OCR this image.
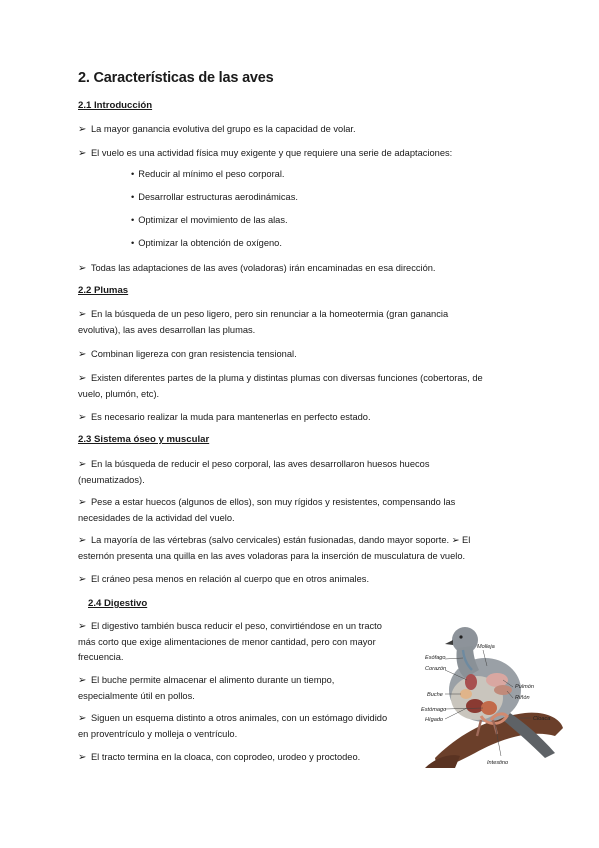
2. Características de las aves
2.1 Introducción
➢ La mayor ganancia evolutiva del grupo es la capacidad de volar.
➢ El vuelo es una actividad física muy exigente y que requiere una serie de adaptaciones:
• Reducir al mínimo el peso corporal.
• Desarrollar estructuras aerodinámicas.
• Optimizar el movimiento de las alas.
• Optimizar la obtención de oxígeno.
➢ Todas las adaptaciones de las aves (voladoras) irán encaminadas en esa dirección.
2.2 Plumas
➢ En la búsqueda de un peso ligero, pero sin renunciar a la homeotermia (gran ganancia
evolutiva), las aves desarrollan las plumas.
➢ Combinan ligereza con gran resistencia tensional.
➢ Existen diferentes partes de la pluma y distintas plumas con diversas funciones (cobertoras, de
vuelo, plumón, etc).
➢ Es necesario realizar la muda para mantenerlas en perfecto estado.
2.3 Sistema óseo y muscular
➢ En la búsqueda de reducir el peso corporal, las aves desarrollaron huesos huecos
(neumatizados).
➢ Pese a estar huecos (algunos de ellos), son muy rígidos y resistentes, compensando las
necesidades de la actividad del vuelo.
➢ La mayoría de las vértebras (salvo cervicales) están fusionadas, dando mayor soporte. ➢ El
esternón presenta una quilla en las aves voladoras para la inserción de musculatura de vuelo.
➢ El cráneo pesa menos en relación al cuerpo que en otros animales.
2.4 Digestivo
➢ El digestivo también busca reducir el peso, convirtiéndose en un tracto
más corto que exige alimentaciones de menor cantidad, pero con mayor
frecuencia.
➢ El buche permite almacenar el alimento durante un tiempo,
especialmente útil en pollos.
➢ Siguen un esquema distinto a otros animales, con un estómago dividido
en proventrículo y molleja o ventrículo.
➢ El tracto termina en la cloaca, con coprodeo, urodeo y proctodeo.
Esófago
Corazón
Molleja
Pulmón
Riñón
Buche
Estómago
Hígado	Cloaca
Intestino
